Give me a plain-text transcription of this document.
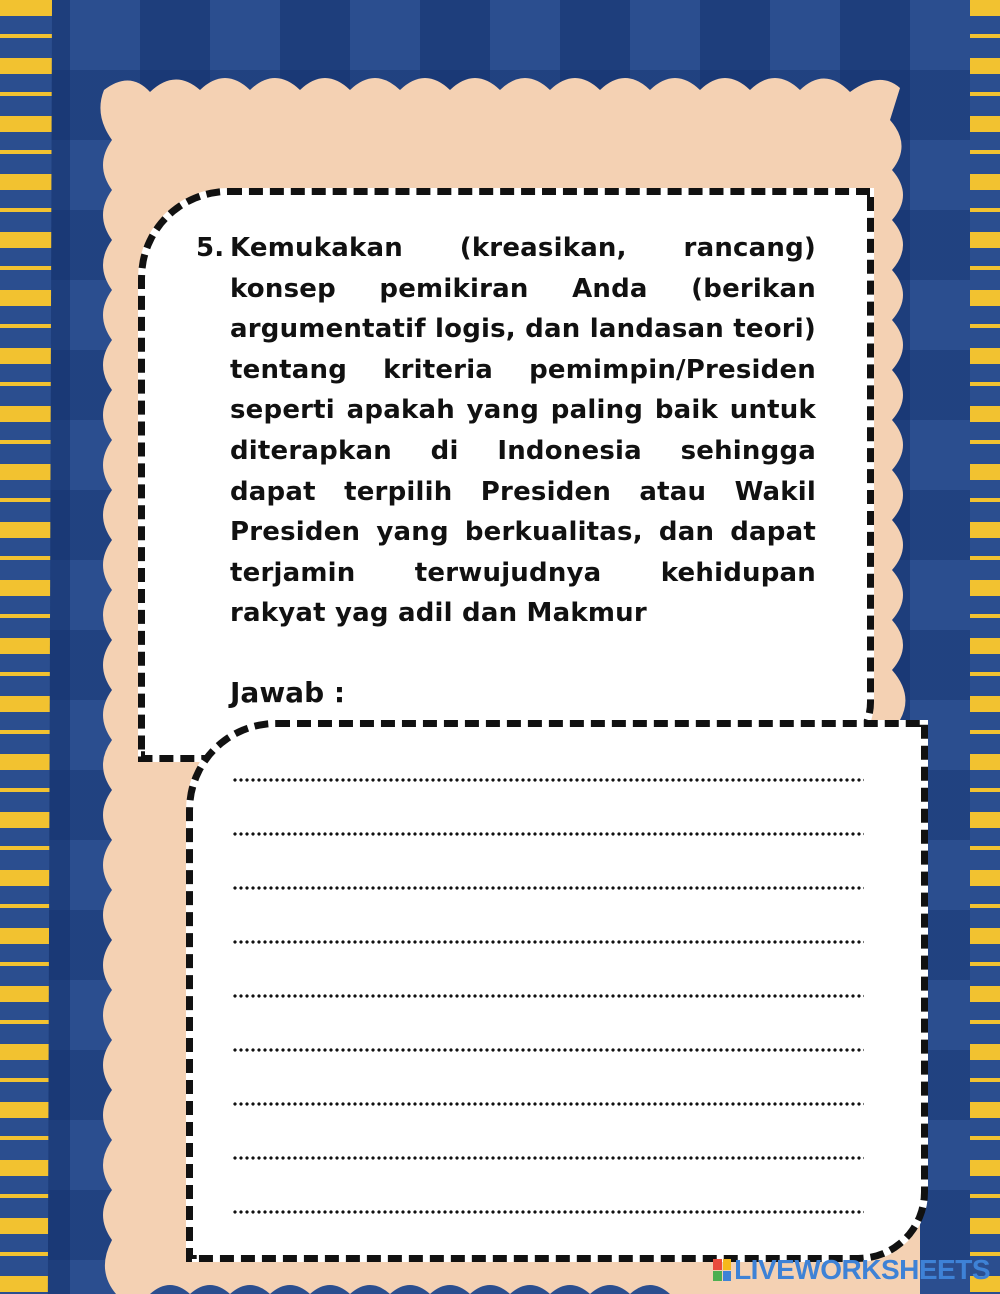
5. Kemukakan (kreasikan, rancang) konsep pemikiran Anda (berikan argumentatif logis, dan landasan teori) tentang kriteria pemimpin/Presiden seperti apakah yang paling baik untuk diterapkan di Indonesia sehingga dapat terpilih Presiden atau Wakil Presiden yang berkualitas, dan dapat terjamin terwujudnya kehidupan rakyat yag adil dan Makmur
Jawab :
LIVEWORKSHEETS
